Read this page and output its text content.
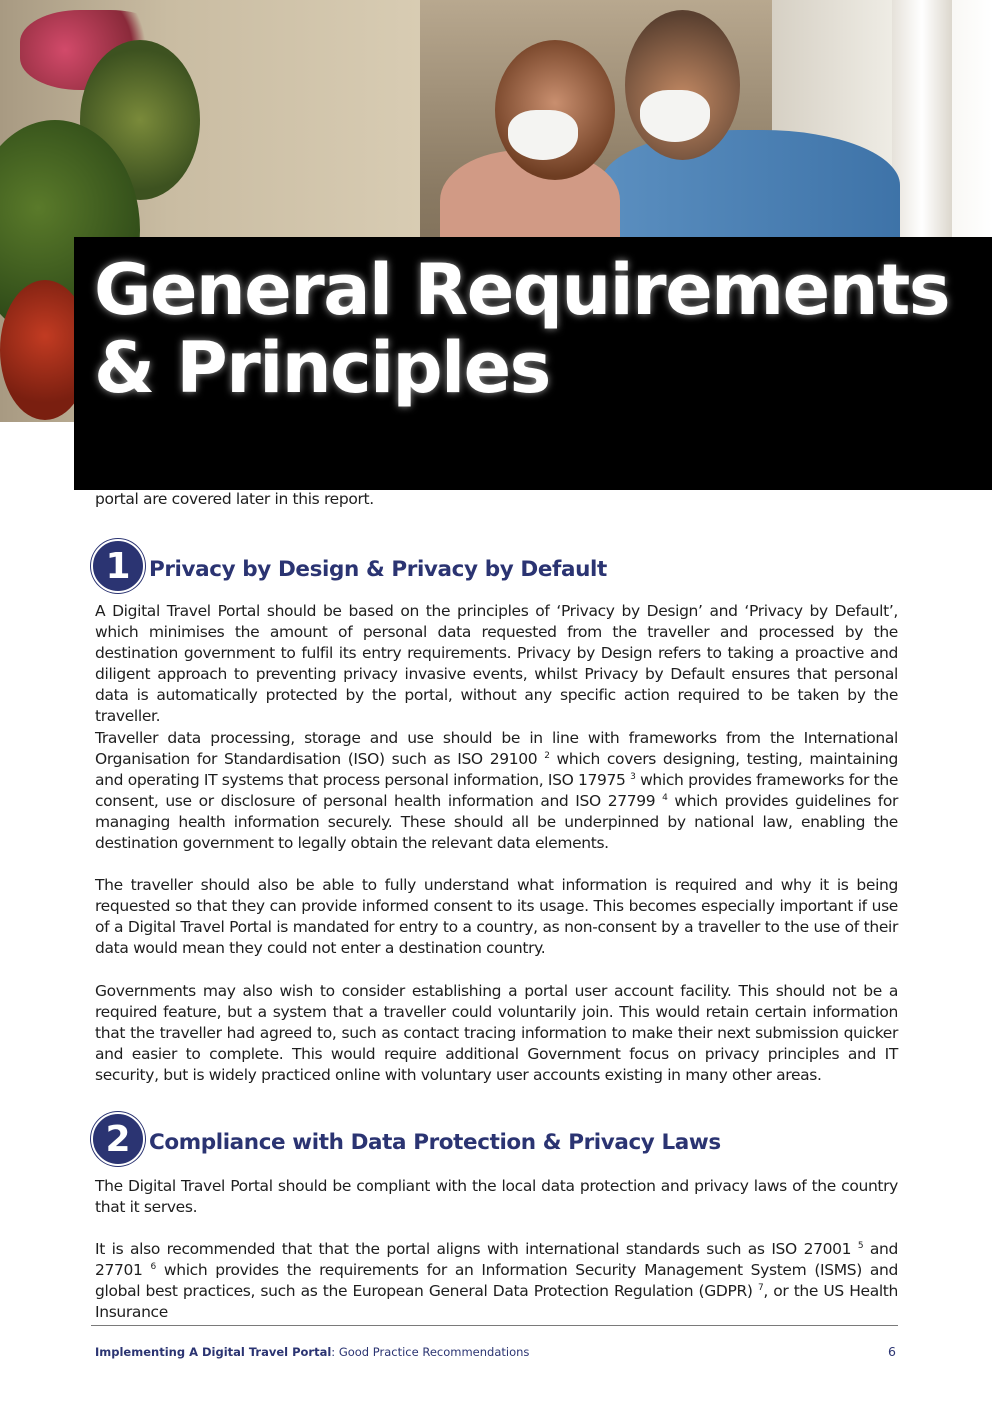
General Requirements
& Principles

portal are covered later in this report.

1 Privacy by Design & Privacy by Default

A Digital Travel Portal should be based on the principles of ‘Privacy by Design’ and ‘Privacy by Default’, which minimises the amount of personal data requested from the traveller and processed by the destination government to fulfil its entry requirements. Privacy by Design refers to taking a proactive and diligent approach to preventing privacy invasive events, whilst Privacy by Default ensures that personal data is automatically protected by the portal, without any specific action required to be taken by the traveller.

Traveller data processing, storage and use should be in line with frameworks from the International Organisation for Standardisation (ISO) such as ISO 29100 $^2$ which covers designing, testing, maintaining and operating IT systems that process personal information, ISO 17975 $^3$ which provides frameworks for the consent, use or disclosure of personal health information and ISO 27799 $^4$ which provides guidelines for managing health information securely. These should all be underpinned by national law, enabling the destination government to legally obtain the relevant data elements.

The traveller should also be able to fully understand what information is required and why it is being requested so that they can provide informed consent to its usage. This becomes especially important if use of a Digital Travel Portal is mandated for entry to a country, as non-consent by a traveller to the use of their data would mean they could not enter a destination country.

Governments may also wish to consider establishing a portal user account facility. This should not be a required feature, but a system that a traveller could voluntarily join. This would retain certain information that the traveller had agreed to, such as contact tracing information to make their next submission quicker and easier to complete. This would require additional Government focus on privacy principles and IT security, but is widely practiced online with voluntary user accounts existing in many other areas.

2 Compliance with Data Protection & Privacy Laws

The Digital Travel Portal should be compliant with the local data protection and privacy laws of the country that it serves.

It is also recommended that that the portal aligns with international standards such as ISO 27001 $^5$ and 27701 $^6$ which provides the requirements for an Information Security Management System (ISMS) and global best practices, such as the European General Data Protection Regulation (GDPR) $^7$, or the US Health Insurance

Implementing A Digital Travel Portal: Good Practice Recommendations	6
